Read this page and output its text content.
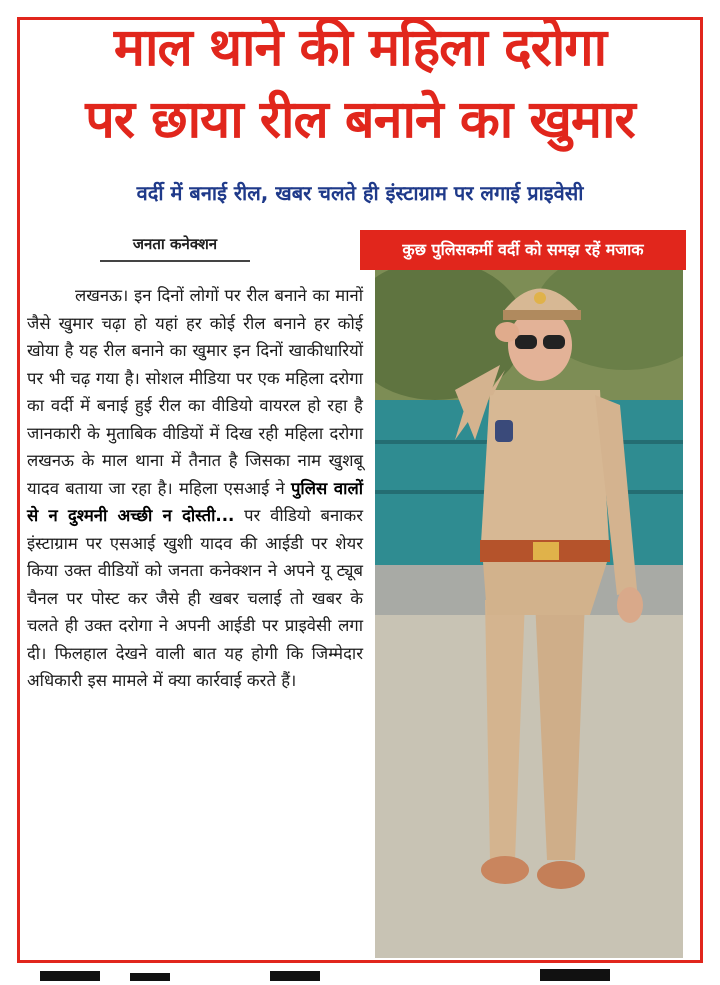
माल थाने की महिला दरोगा
पर छाया रील बनाने का खुमार
वर्दी में बनाई रील, खबर चलते ही इंस्टाग्राम पर लगाई प्राइवेसी
जनता कनेक्शन	कुछ पुलिसकर्मी वर्दी को समझ रहें मजाक

लखनऊ। इन दिनों लोगों पर रील बनाने का मानों जैसे खुमार चढ़ा हो यहां हर कोई रील बनाने हर कोई खोया है यह रील बनाने का खुमार इन दिनों खाकीधारियों पर भी चढ़ गया है। सोशल मीडिया पर एक महिला दरोगा का वर्दी में बनाई हुई रील का वीडियो वायरल हो रहा है जानकारी के मुताबिक वीडियों में दिख रही महिला दरोगा लखनऊ के माल थाना में तैनात है जिसका नाम खुशबू यादव बताया जा रहा है। महिला एसआई ने पुलिस वालों से न दुश्मनी अच्छी न दोस्ती... पर वीडियो बनाकर इंस्टाग्राम पर एसआई खुशी यादव की आईडी पर शेयर किया उक्त वीडियों को जनता कनेक्शन ने अपने यू ट्यूब चैनल पर पोस्ट कर जैसे ही खबर चलाई तो खबर के चलते ही उक्त दरोगा ने अपनी आईडी पर प्राइवेसी लगा दी। फिलहाल देखने वाली बात यह होगी कि जिम्मेदार अधिकारी इस मामले में क्या कार्रवाई करते हैं।
